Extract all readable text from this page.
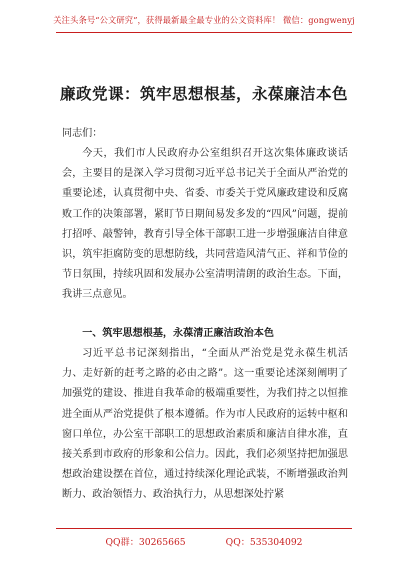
关注头条号“公文研究”，获得最新最全最专业的公文资料库！ 微信：gongwenyj
廉政党课：筑牢思想根基，永葆廉洁本色
同志们：

今天，我们市人民政府办公室组织召开这次集体廉政谈话会，主要目的是深入学习贯彻习近平总书记关于全面从严治党的重要论述，认真贯彻中央、省委、市委关于党风廉政建设和反腐败工作的决策部署，紧盯节日期间易发多发的“四风”问题，提前打招呼、敲警钟，教育引导全体干部职工进一步增强廉洁自律意识，筑牢拒腐防变的思想防线，共同营造风清气正、祥和节俭的节日氛围，持续巩固和发展办公室清明清朗的政治生态。下面，我讲三点意见。

一、筑牢思想根基，永葆清正廉洁政治本色

习近平总书记深刻指出，“全面从严治党是党永葆生机活力、走好新的赶考之路的必由之路”。这一重要论述深刻阐明了加强党的建设、推进自我革命的极端重要性，为我们持之以恒推进全面从严治党提供了根本遵循。作为市人民政府的运转中枢和窗口单位，办公室干部职工的思想政治素质和廉洁自律水准，直接关系到市政府的形象和公信力。因此，我们必须坚持把加强思想政治建设摆在首位，通过持续深化理论武装，不断增强政治判断力、政治领悟力、政治执行力，从思想深处拧紧

QQ群：30265665	QQ：535304092
